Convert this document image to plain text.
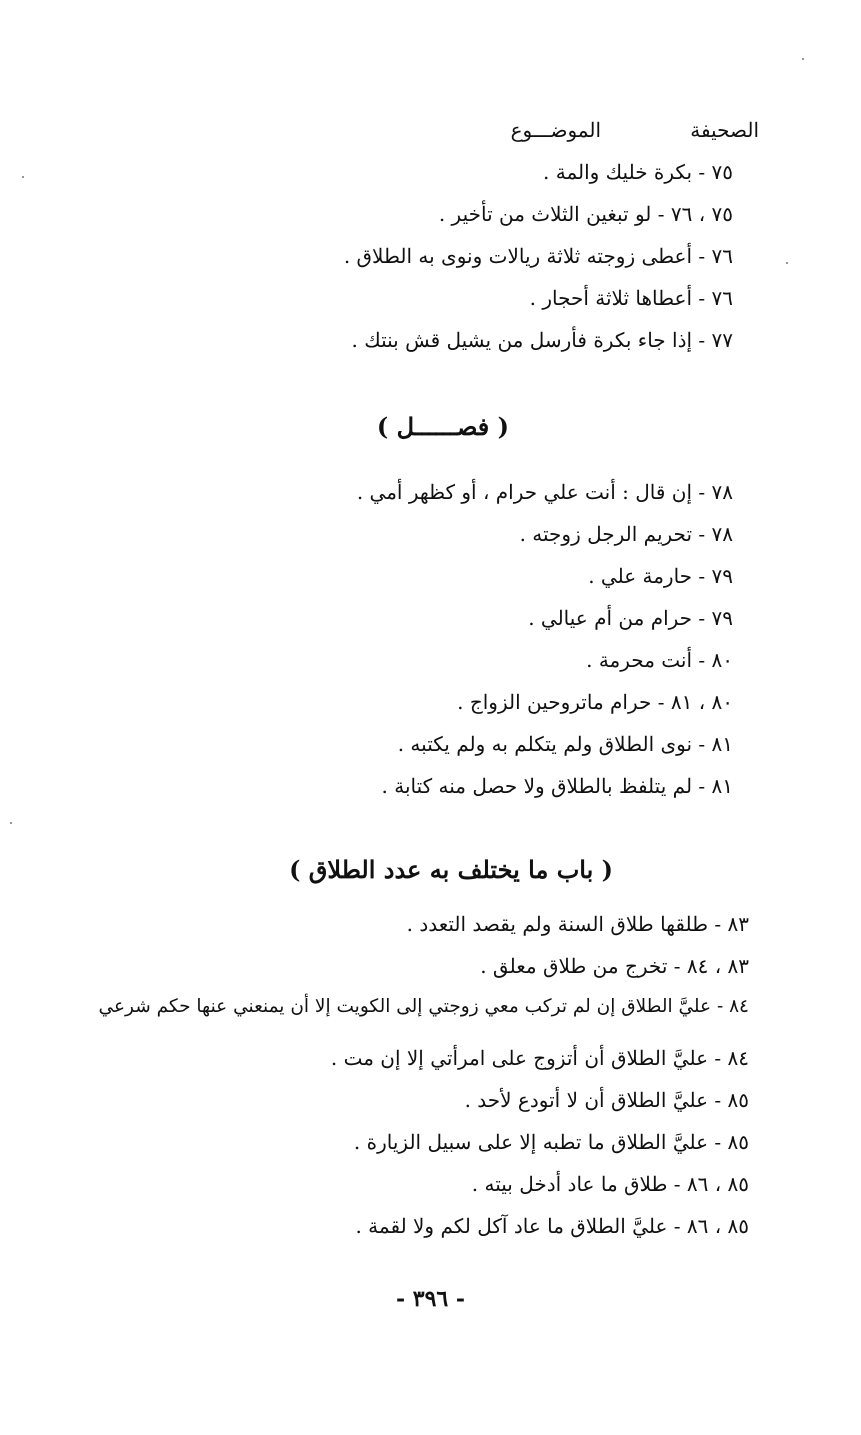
الصحيفة
الموضـــوع
٧٥ - بكرة خليك والمة .
٧٥ ، ٧٦ - لو تبغين الثلاث من تأخير .
٧٦ - أعطى زوجته ثلاثة ريالات ونوى به الطلاق .
٧٦ - أعطاها ثلاثة أحجار .
٧٧ - إذا جاء بكرة فأرسل من يشيل قش بنتك .
( فصــــــل )
٧٨ - إن قال : أنت علي حرام ، أو كظهر أمي .
٧٨ - تحريم الرجل زوجته .
٧٩ - حارمة علي .
٧٩ - حرام من أم عيالي .
٨٠ - أنت محرمة .
٨٠ ، ٨١ - حرام ماتروحين الزواج .
٨١ - نوى الطلاق ولم يتكلم به ولم يكتبه .
٨١ - لم يتلفظ بالطلاق ولا حصل منه كتابة .
( باب ما يختلف به عدد الطلاق )
٨٣ - طلقها طلاق السنة ولم يقصد التعدد .
٨٣ ، ٨٤ - تخرج من طلاق معلق .
٨٤ - عليَّ الطلاق إن لم تركب معي زوجتي إلى الكويت إلا أن يمنعني عنها حكم شرعي
٨٤ - عليَّ الطلاق أن أتزوج على امرأتي إلا إن مت .
٨٥ - عليَّ الطلاق أن لا أتودع لأحد .
٨٥ - عليَّ الطلاق ما تطبه إلا على سبيل الزيارة .
٨٥ ، ٨٦ - طلاق ما عاد أدخل بيته .
٨٥ ، ٨٦ - عليَّ الطلاق ما عاد آكل لكم ولا لقمة .
- ٣٩٦ -
